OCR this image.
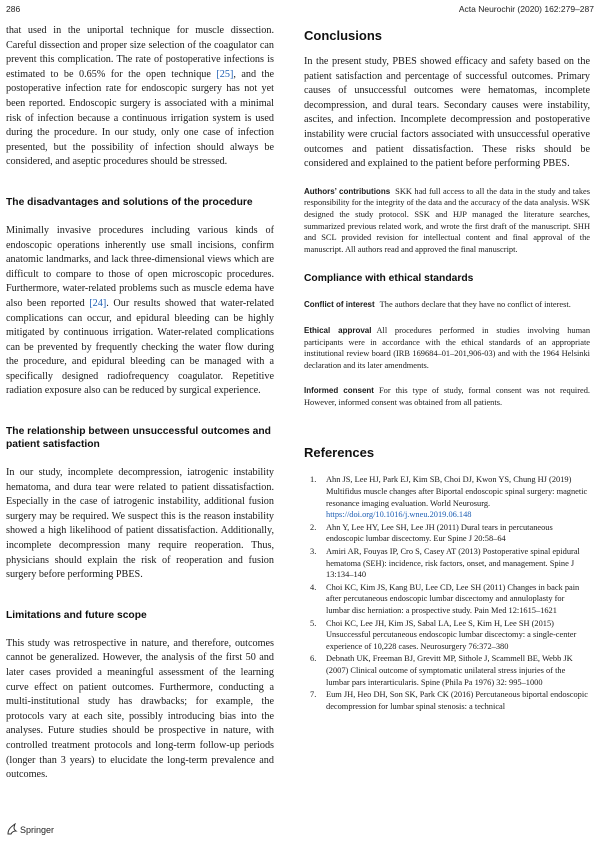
286	Acta Neurochir (2020) 162:279–287

that used in the uniportal technique for muscle dissection. Careful dissection and proper size selection of the coagulator can prevent this complication. The rate of postoperative infections is estimated to be 0.65% for the open technique [25], and the postoperative infection rate for endoscopic surgery has not yet been reported. Endoscopic surgery is associated with a minimal risk of infection because a continuous irrigation system is used during the procedure. In our study, only one case of infection presented, but the possibility of infection should always be considered, and aseptic procedures should be stressed.

The disadvantages and solutions of the procedure

Minimally invasive procedures including various kinds of endoscopic operations inherently use small incisions, confirm anatomic landmarks, and lack three-dimensional views which are difficult to compare to those of open microscopic procedures. Furthermore, water-related problems such as muscle edema have also been reported [24]. Our results showed that water-related complications can occur, and epidural bleeding can be highly mitigated by continuous irrigation. Water-related complications can be prevented by frequently checking the water flow during the procedure, and epidural bleeding can be managed with a specifically designed radiofrequency coagulator. Repetitive radiation exposure also can be reduced by surgical experience.

The relationship between unsuccessful outcomes and patient satisfaction

In our study, incomplete decompression, iatrogenic instability hematoma, and dura tear were related to patient dissatisfaction. Especially in the case of iatrogenic instability, additional fusion surgery may be required. We suspect this is the reason instability showed a high likelihood of patient dissatisfaction. Additionally, incomplete decompression many require reoperation. Thus, physicians should explain the risk of reoperation and fusion surgery before performing PBES.

Limitations and future scope

This study was retrospective in nature, and therefore, outcomes cannot be generalized. However, the analysis of the first 50 and later cases provided a meaningful assessment of the learning curve effect on patient outcomes. Furthermore, conducting a multi-institutional study has drawbacks; for example, the protocols vary at each site, possibly introducing bias into the analyses. Future studies should be prospective in nature, with controlled treatment protocols and long-term follow-up periods (longer than 3 years) to elucidate the long-term prevalence and outcomes.

Conclusions

In the present study, PBES showed efficacy and safety based on the patient satisfaction and percentage of successful outcomes. Primary causes of unsuccessful outcomes were hematomas, incomplete decompression, and dural tears. Secondary causes were instability, ascites, and infection. Incomplete decompression and postoperative instability were crucial factors associated with unsuccessful operative outcomes and patient dissatisfaction. These risks should be considered and explained to the patient before performing PBES.

Authors’ contributions SKK had full access to all the data in the study and takes responsibility for the integrity of the data and the accuracy of the data analysis. WSK designed the study protocol. SSK and HJP managed the literature searches, summarized previous related work, and wrote the first draft of the manuscript. SHH and SCL provided revision for intellectual content and final approval of the manuscript. All authors read and approved the final manuscript.

Compliance with ethical standards

Conflict of interest The authors declare that they have no conflict of interest.

Ethical approval All procedures performed in studies involving human participants were in accordance with the ethical standards of an appropriate institutional review board (IRB 169684–01–201,906-03) and with the 1964 Helsinki declaration and its later amendments.

Informed consent For this type of study, formal consent was not required. However, informed consent was obtained from all patients.

References
1. Ahn JS, Lee HJ, Park EJ, Kim SB, Choi DJ, Kwon YS, Chung HJ (2019) Multifidus muscle changes after Biportal endoscopic spinal surgery: magnetic resonance imaging evaluation. World Neurosurg. https://doi.org/10.1016/j.wneu.2019.06.148
2. Ahn Y, Lee HY, Lee SH, Lee JH (2011) Dural tears in percutaneous endoscopic lumbar discectomy. Eur Spine J 20:58–64
3. Amiri AR, Fouyas IP, Cro S, Casey AT (2013) Postoperative spinal epidural hematoma (SEH): incidence, risk factors, onset, and management. Spine J 13:134–140
4. Choi KC, Kim JS, Kang BU, Lee CD, Lee SH (2011) Changes in back pain after percutaneous endoscopic lumbar discectomy and annuloplasty for lumbar disc herniation: a prospective study. Pain Med 12:1615–1621
5. Choi KC, Lee JH, Kim JS, Sabal LA, Lee S, Kim H, Lee SH (2015) Unsuccessful percutaneous endoscopic lumbar discectomy: a single-center experience of 10,228 cases. Neurosurgery 76:372–380
6. Debnath UK, Freeman BJ, Grevitt MP, Sithole J, Scammell BE, Webb JK (2007) Clinical outcome of symptomatic unilateral stress injuries of the lumbar pars interarticularis. Spine (Phila Pa 1976) 32: 995–1000
7. Eum JH, Heo DH, Son SK, Park CK (2016) Percutaneous biportal endoscopic decompression for lumbar spinal stenosis: a technical
Springer
